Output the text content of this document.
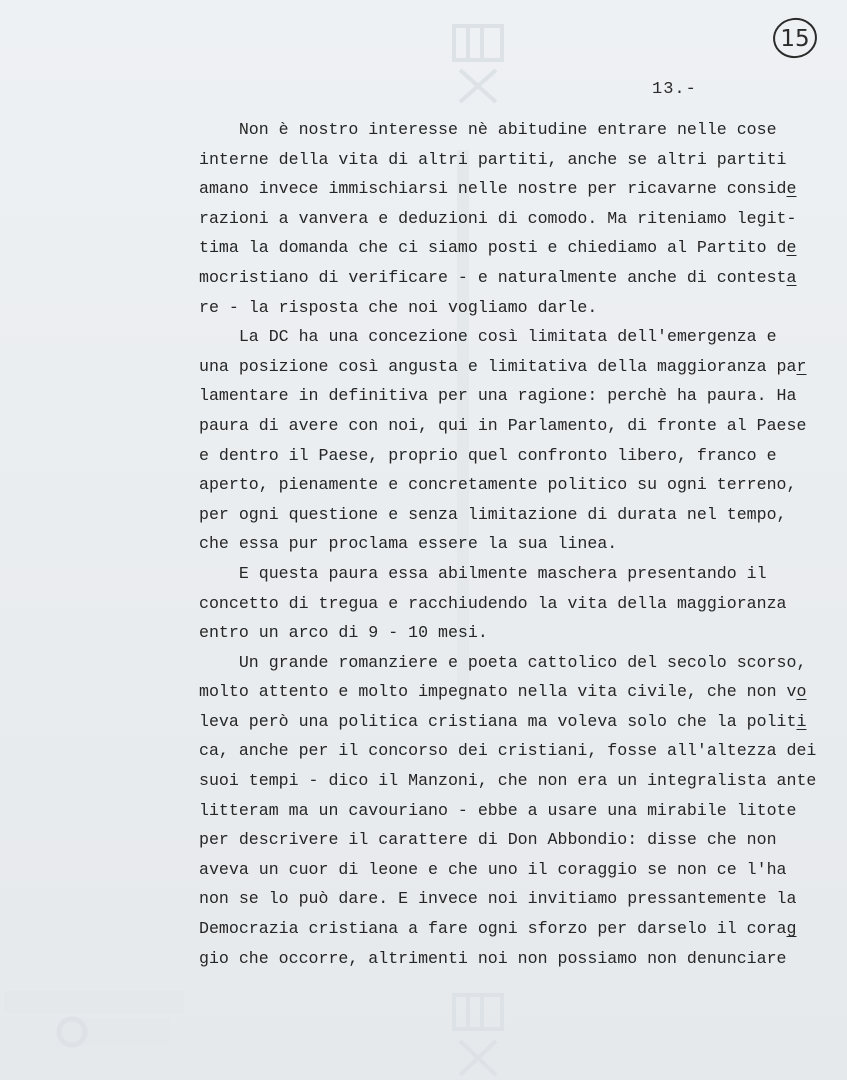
15
13.-
Non è nostro interesse nè abitudine entrare nelle cose
interne della vita di altri partiti, anche se altri partiti
amano invece immischiarsi nelle nostre per ricavarne conside
razioni a vanvera e deduzioni di comodo. Ma riteniamo legit-
tima la domanda che ci siamo posti e chiediamo al Partito de
mocristiano di verificare - e naturalmente anche di contesta
re - la risposta che noi vogliamo darle.
La DC ha una concezione così limitata dell'emergenza e
una posizione così angusta e limitativa della maggioranza par
lamentare in definitiva per una ragione: perchè ha paura. Ha
paura di avere con noi, qui in Parlamento, di fronte al Paese
e dentro il Paese, proprio quel confronto libero, franco e
aperto, pienamente e concretamente politico su ogni terreno,
per ogni questione e senza limitazione di durata nel tempo,
che essa pur proclama essere la sua linea.
E questa paura essa abilmente maschera presentando il
concetto di tregua e racchiudendo la vita della maggioranza
entro un arco di 9 - 10 mesi.
Un grande romanziere e poeta cattolico del secolo scorso,
molto attento e molto impegnato nella vita civile, che non vo
leva però una politica cristiana ma voleva solo che la politi
ca, anche per il concorso dei cristiani, fosse all'altezza dei
suoi tempi - dico il Manzoni, che non era un integralista ante
litteram ma un cavouriano - ebbe a usare una mirabile litote
per descrivere il carattere di Don Abbondio: disse che non
aveva un cuor di leone e che uno il coraggio se non ce l'ha
non se lo può dare. E invece noi invitiamo pressantemente la
Democrazia cristiana a fare ogni sforzo per darselo il corag
gio che occorre, altrimenti noi non possiamo non denunciare
